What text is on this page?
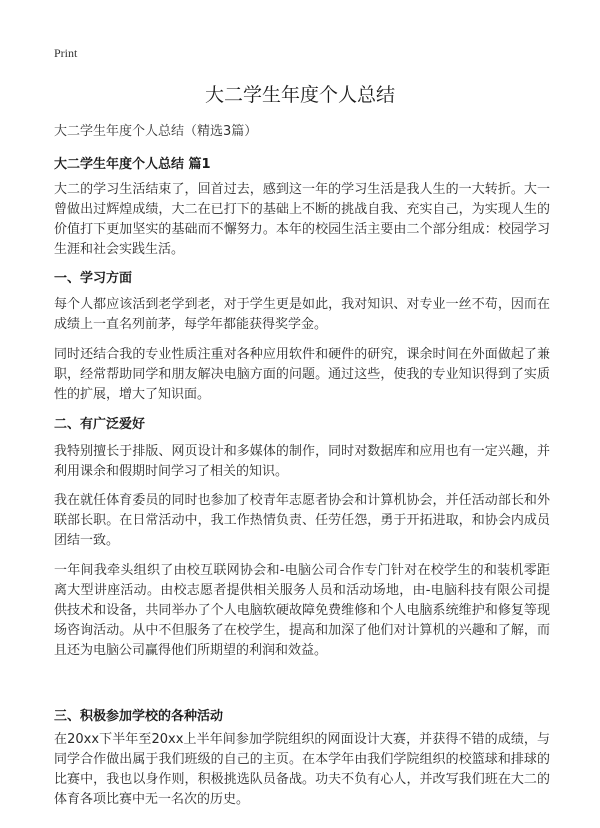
Print
大二学生年度个人总结
大二学生年度个人总结（精选3篇）
大二学生年度个人总结 篇1

大二的学习生活结束了，回首过去，感到这一年的学习生活是我人生的一大转折。大一曾做出过辉煌成绩，大二在已打下的基础上不断的挑战自我、充实自己，为实现人生的价值打下更加坚实的基础而不懈努力。本年的校园生活主要由二个部分组成：校园学习生涯和社会实践生活。

一、学习方面

每个人都应该活到老学到老，对于学生更是如此，我对知识、对专业一丝不苟，因而在成绩上一直名列前茅，每学年都能获得奖学金。

同时还结合我的专业性质注重对各种应用软件和硬件的研究，课余时间在外面做起了兼职，经常帮助同学和朋友解决电脑方面的问题。通过这些，使我的专业知识得到了实质性的扩展，增大了知识面。

二、有广泛爱好

我特别擅长于排版、网页设计和多媒体的制作，同时对数据库和应用也有一定兴趣，并利用课余和假期时间学习了相关的知识。

我在就任体育委员的同时也参加了校青年志愿者协会和计算机协会，并任活动部长和外联部长职。在日常活动中，我工作热情负责、任劳任怨，勇于开拓进取，和协会内成员团结一致。

一年间我牵头组织了由校互联网协会和-电脑公司合作专门针对在校学生的和装机零距离大型讲座活动。由校志愿者提供相关服务人员和活动场地，由-电脑科技有限公司提供技术和设备，共同举办了个人电脑软硬故障免费维修和个人电脑系统维护和修复等现场咨询活动。从中不但服务了在校学生，提高和加深了他们对计算机的兴趣和了解，而且还为电脑公司赢得他们所期望的利润和效益。

三、积极参加学校的各种活动

在20xx下半年至20xx上半年间参加学院组织的网面设计大赛，并获得不错的成绩，与同学合作做出属于我们班级的自己的主页。在本学年由我们学院组织的校篮球和排球的比赛中，我也以身作则，积极挑选队员备战。功夫不负有心人，并改写我们班在大二的体育各项比赛中无一名次的历史。
